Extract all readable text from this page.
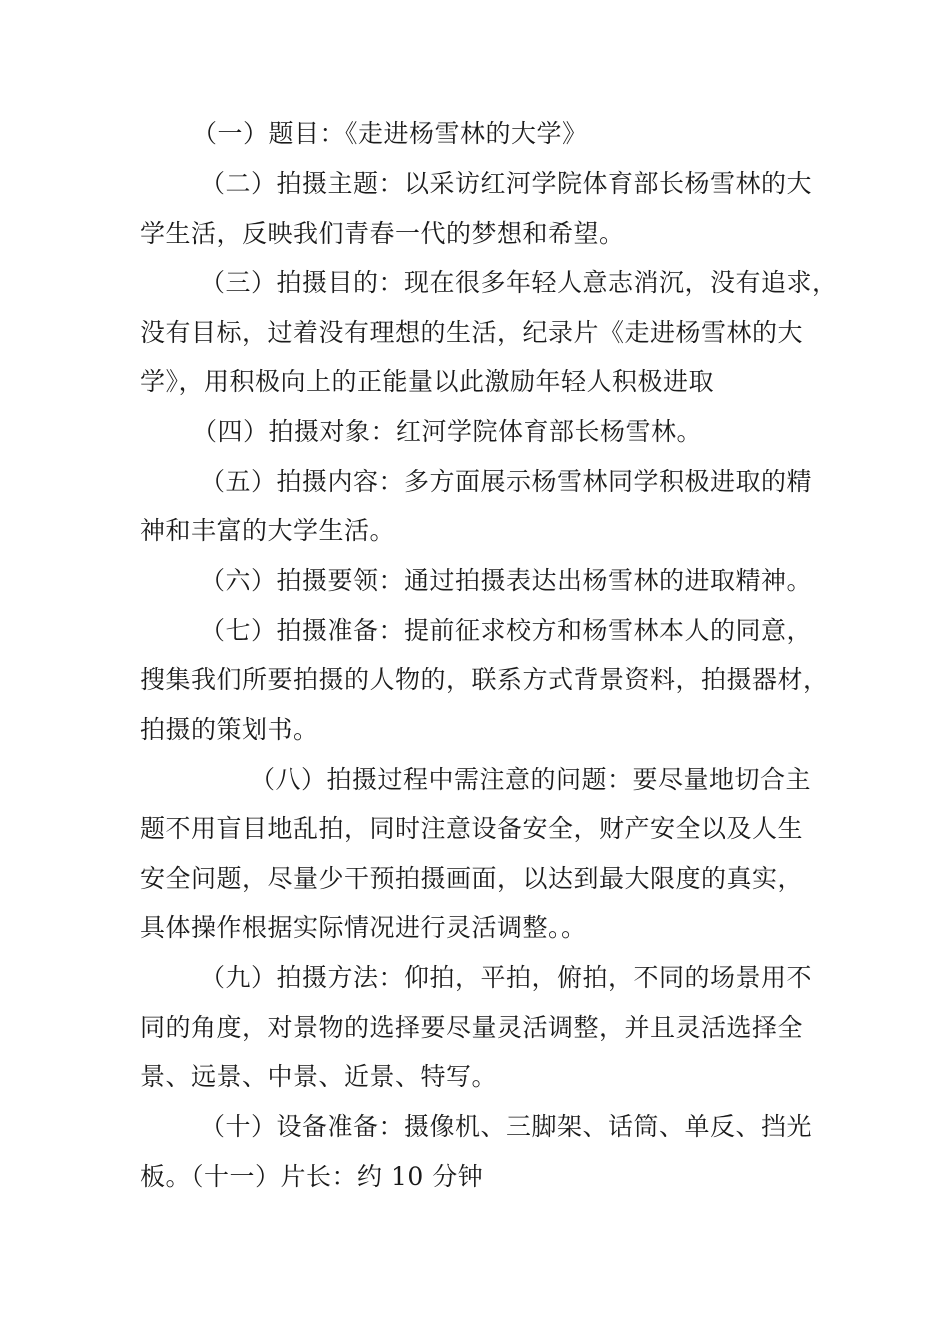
（一）题目：《走进杨雪林的大学》
（二）拍摄主题：以采访红河学院体育部长杨雪林的大
学生活，反映我们青春一代的梦想和希望。
（三）拍摄目的：现在很多年轻人意志消沉，没有追求，
没有目标，过着没有理想的生活，纪录片《走进杨雪林的大
学》，用积极向上的正能量以此激励年轻人积极进取
（四）拍摄对象：红河学院体育部长杨雪林。
（五）拍摄内容：多方面展示杨雪林同学积极进取的精
神和丰富的大学生活。
（六）拍摄要领：通过拍摄表达出杨雪林的进取精神。
（七）拍摄准备：提前征求校方和杨雪林本人的同意，
搜集我们所要拍摄的人物的，联系方式背景资料，拍摄器材，
拍摄的策划书。
（八）拍摄过程中需注意的问题：要尽量地切合主
题不用盲目地乱拍，同时注意设备安全，财产安全以及人生
安全问题，尽量少干预拍摄画面，以达到最大限度的真实，
具体操作根据实际情况进行灵活调整。。
（九）拍摄方法：仰拍，平拍，俯拍，不同的场景用不
同的角度，对景物的选择要尽量灵活调整，并且灵活选择全
景、远景、中景、近景、特写。
（十）设备准备：摄像机、三脚架、话筒、单反、挡光
板。（十一）片长：约 10 分钟
